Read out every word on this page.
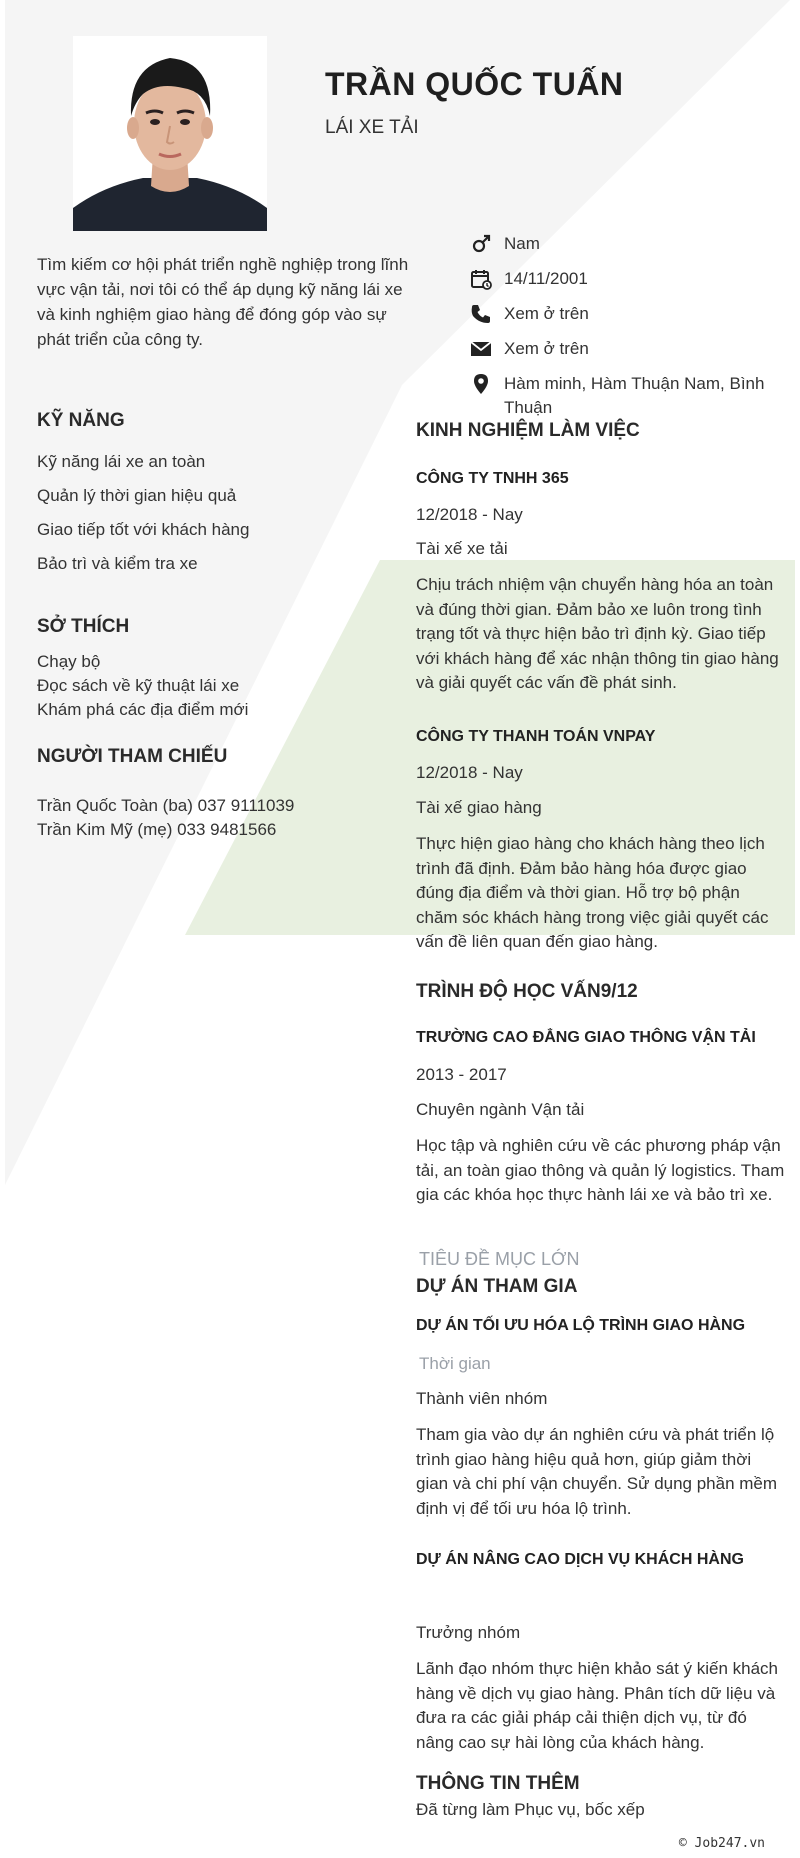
TRẦN QUỐC TUẤN
LÁI XE TẢI
Tìm kiếm cơ hội phát triển nghề nghiệp trong lĩnh vực vận tải, nơi tôi có thể áp dụng kỹ năng lái xe và kinh nghiệm giao hàng để đóng góp vào sự phát triển của công ty.
Nam
14/11/2001
Xem ở trên
Xem ở trên
Hàm minh, Hàm Thuận Nam, Bình Thuận
KỸ NĂNG
Kỹ năng lái xe an toàn
Quản lý thời gian hiệu quả
Giao tiếp tốt với khách hàng
Bảo trì và kiểm tra xe
SỞ THÍCH
Chạy bộ
Đọc sách về kỹ thuật lái xe
Khám phá các địa điểm mới
NGƯỜI THAM CHIẾU
Trần Quốc Toàn (ba) 037 9111039
Trần Kim Mỹ (mẹ) 033 9481566
KINH NGHIỆM LÀM VIỆC
CÔNG TY TNHH 365
12/2018 - Nay
Tài xế xe tải
Chịu trách nhiệm vận chuyển hàng hóa an toàn và đúng thời gian. Đảm bảo xe luôn trong tình trạng tốt và thực hiện bảo trì định kỳ. Giao tiếp với khách hàng để xác nhận thông tin giao hàng và giải quyết các vấn đề phát sinh.
CÔNG TY THANH TOÁN VNPAY
12/2018 - Nay
Tài xế giao hàng
Thực hiện giao hàng cho khách hàng theo lịch trình đã định. Đảm bảo hàng hóa được giao đúng địa điểm và thời gian. Hỗ trợ bộ phận chăm sóc khách hàng trong việc giải quyết các vấn đề liên quan đến giao hàng.
TRÌNH ĐỘ HỌC VẤN9/12
TRƯỜNG CAO ĐẲNG GIAO THÔNG VẬN TẢI
2013 - 2017
Chuyên ngành Vận tải
Học tập và nghiên cứu về các phương pháp vận tải, an toàn giao thông và quản lý logistics. Tham gia các khóa học thực hành lái xe và bảo trì xe.
TIÊU ĐỀ MỤC LỚN
DỰ ÁN THAM GIA
DỰ ÁN TỐI ƯU HÓA LỘ TRÌNH GIAO HÀNG
Thời gian
Thành viên nhóm
Tham gia vào dự án nghiên cứu và phát triển lộ trình giao hàng hiệu quả hơn, giúp giảm thời gian và chi phí vận chuyển. Sử dụng phần mềm định vị để tối ưu hóa lộ trình.
DỰ ÁN NÂNG CAO DỊCH VỤ KHÁCH HÀNG
Trưởng nhóm
Lãnh đạo nhóm thực hiện khảo sát ý kiến khách hàng về dịch vụ giao hàng. Phân tích dữ liệu và đưa ra các giải pháp cải thiện dịch vụ, từ đó nâng cao sự hài lòng của khách hàng.
THÔNG TIN THÊM
Đã từng làm Phục vụ, bốc xếp
© Job247.vn
